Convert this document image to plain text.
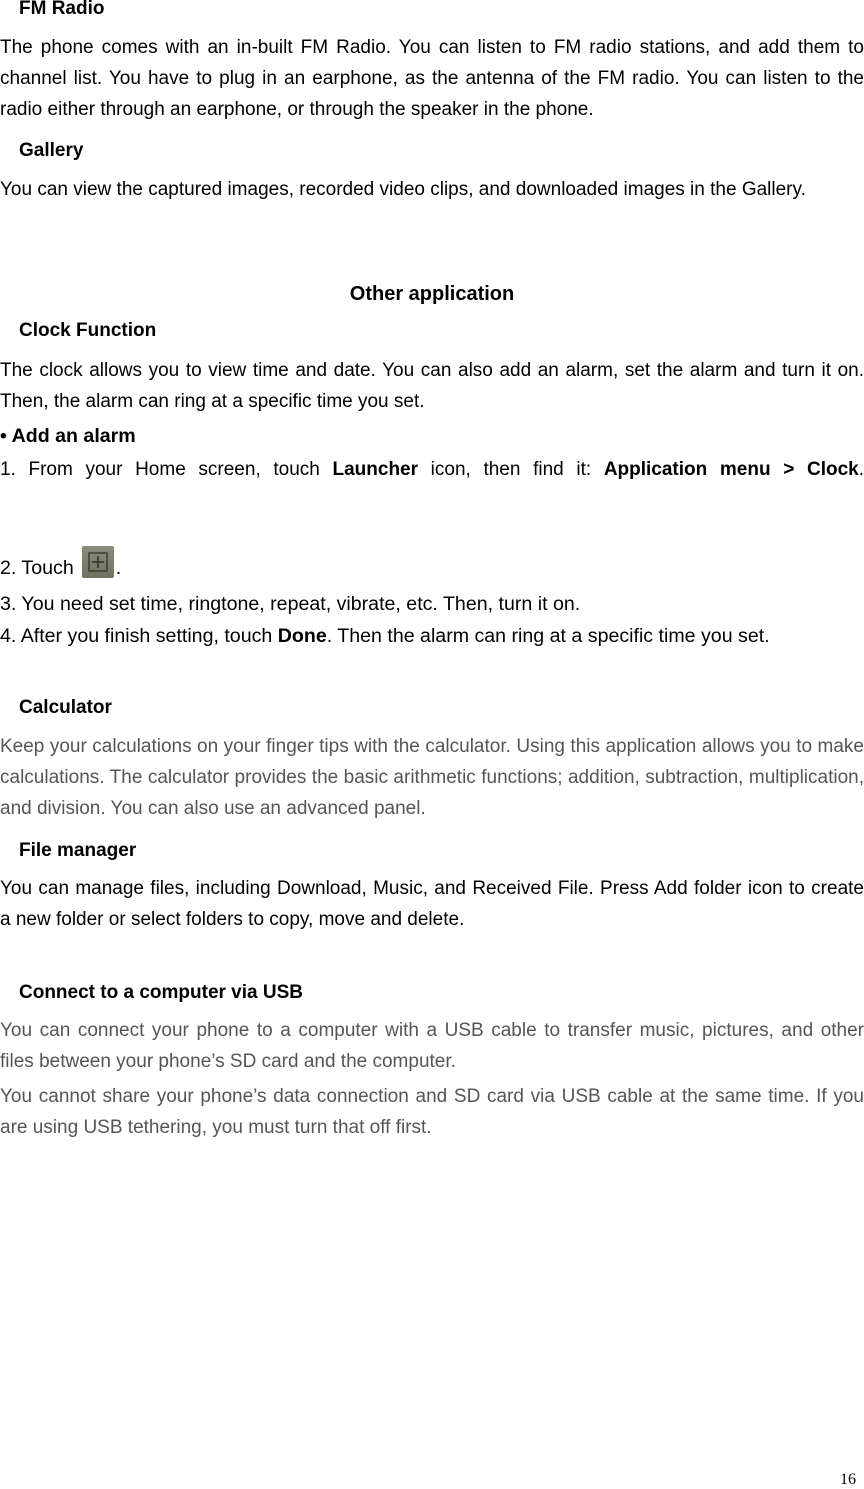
FM Radio
The phone comes with an in-built FM Radio. You can listen to FM radio stations, and add them to channel list. You have to plug in an earphone, as the antenna of the FM radio. You can listen to the radio either through an earphone, or through the speaker in the phone.
Gallery
You can view the captured images, recorded video clips, and downloaded images in the Gallery.
Other application
Clock Function
The clock allows you to view time and date. You can also add an alarm, set the alarm and turn it on. Then, the alarm can ring at a specific time you set.
• Add an alarm
1. From your Home screen, touch Launcher icon, then find it: Application menu > Clock.
2. Touch .
3. You need set time, ringtone, repeat, vibrate, etc. Then, turn it on.
4. After you finish setting, touch Done. Then the alarm can ring at a specific time you set.
Calculator
Keep your calculations on your finger tips with the calculator. Using this application allows you to make calculations. The calculator provides the basic arithmetic functions; addition, subtraction, multiplication, and division. You can also use an advanced panel.
File manager
You can manage files, including Download, Music, and Received File. Press Add folder icon to create a new folder or select folders to copy, move and delete.
Connect to a computer via USB
You can connect your phone to a computer with a USB cable to transfer music, pictures, and other files between your phone’s SD card and the computer.
You cannot share your phone’s data connection and SD card via USB cable at the same time. If you are using USB tethering, you must turn that off first.
16
